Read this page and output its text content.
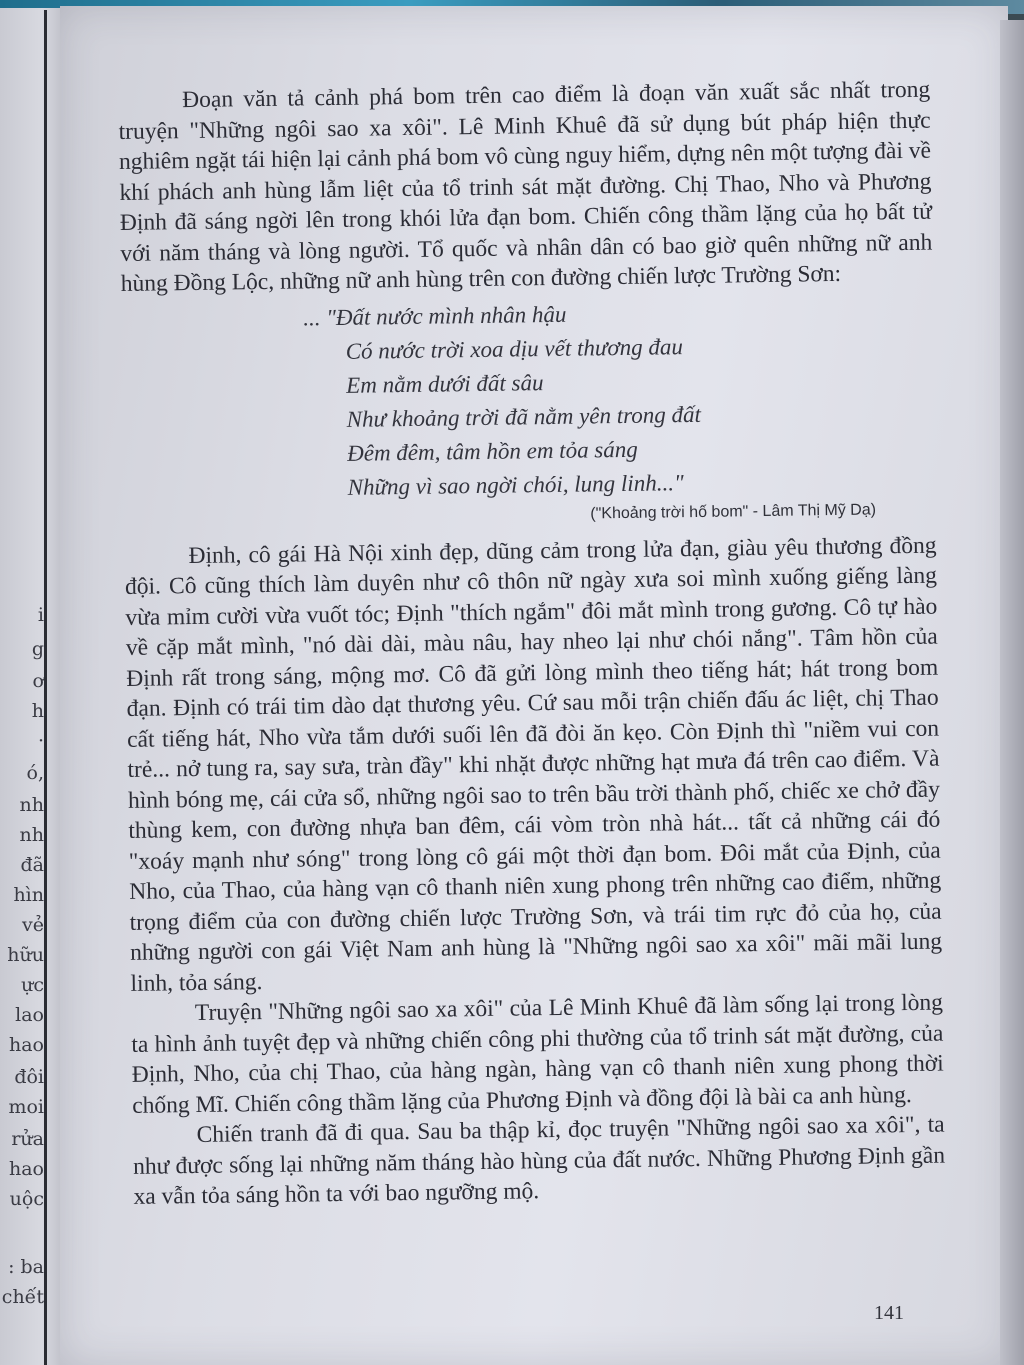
i
g
ơ
h
·
ó,
nh
nh
đã
hìn
vẻ
hữu
ực
lao
hao
đôi
moi
rửa
hao
uộc
: ba
chết

Đoạn văn tả cảnh phá bom trên cao điểm là đoạn văn xuất sắc nhất trong truyện "Những ngôi sao xa xôi". Lê Minh Khuê đã sử dụng bút pháp hiện thực nghiêm ngặt tái hiện lại cảnh phá bom vô cùng nguy hiểm, dựng nên một tượng đài về khí phách anh hùng lẫm liệt của tổ trinh sát mặt đường. Chị Thao, Nho và Phương Định đã sáng ngời lên trong khói lửa đạn bom. Chiến công thầm lặng của họ bất tử với năm tháng và lòng người. Tổ quốc và nhân dân có bao giờ quên những nữ anh hùng Đồng Lộc, những nữ anh hùng trên con đường chiến lược Trường Sơn:

... "Đất nước mình nhân hậu
Có nước trời xoa dịu vết thương đau
Em nằm dưới đất sâu
Như khoảng trời đã nằm yên trong đất
Đêm đêm, tâm hồn em tỏa sáng
Những vì sao ngời chói, lung linh..."
("Khoảng trời hố bom" - Lâm Thị Mỹ Dạ)

Định, cô gái Hà Nội xinh đẹp, dũng cảm trong lửa đạn, giàu yêu thương đồng đội. Cô cũng thích làm duyên như cô thôn nữ ngày xưa soi mình xuống giếng làng vừa mỉm cười vừa vuốt tóc; Định "thích ngắm" đôi mắt mình trong gương. Cô tự hào về cặp mắt mình, "nó dài dài, màu nâu, hay nheo lại như chói nắng". Tâm hồn của Định rất trong sáng, mộng mơ. Cô đã gửi lòng mình theo tiếng hát; hát trong bom đạn. Định có trái tim dào dạt thương yêu. Cứ sau mỗi trận chiến đấu ác liệt, chị Thao cất tiếng hát, Nho vừa tắm dưới suối lên đã đòi ăn kẹo. Còn Định thì "niềm vui con trẻ... nở tung ra, say sưa, tràn đầy" khi nhặt được những hạt mưa đá trên cao điểm. Và hình bóng mẹ, cái cửa sổ, những ngôi sao to trên bầu trời thành phố, chiếc xe chở đầy thùng kem, con đường nhựa ban đêm, cái vòm tròn nhà hát... tất cả những cái đó "xoáy mạnh như sóng" trong lòng cô gái một thời đạn bom. Đôi mắt của Định, của Nho, của Thao, của hàng vạn cô thanh niên xung phong trên những cao điểm, những trọng điểm của con đường chiến lược Trường Sơn, và trái tim rực đỏ của họ, của những người con gái Việt Nam anh hùng là "Những ngôi sao xa xôi" mãi mãi lung linh, tỏa sáng.

Truyện "Những ngôi sao xa xôi" của Lê Minh Khuê đã làm sống lại trong lòng ta hình ảnh tuyệt đẹp và những chiến công phi thường của tổ trinh sát mặt đường, của Định, Nho, của chị Thao, của hàng ngàn, hàng vạn cô thanh niên xung phong thời chống Mĩ. Chiến công thầm lặng của Phương Định và đồng đội là bài ca anh hùng.

Chiến tranh đã đi qua. Sau ba thập kỉ, đọc truyện "Những ngôi sao xa xôi", ta như được sống lại những năm tháng hào hùng của đất nước. Những Phương Định gần xa vẫn tỏa sáng hồn ta với bao ngưỡng mộ.

141
